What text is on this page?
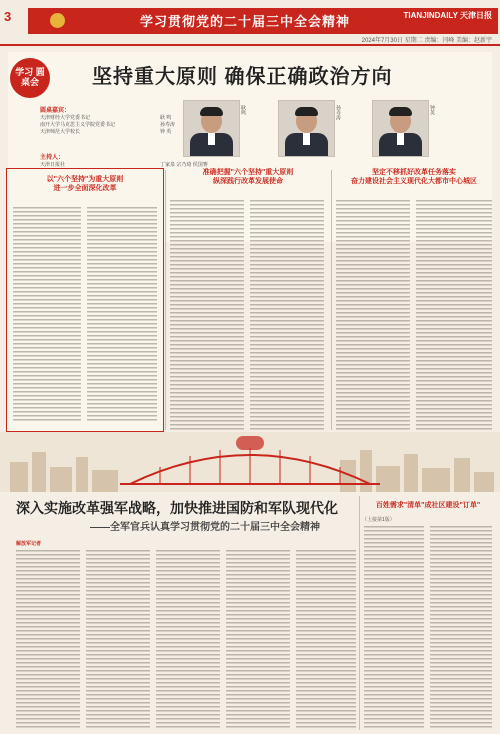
3	学习贯彻党的二十届三中全会精神	TIANJINDAILY 天津日报
2024年7月30日 星期二 责编：闫峰 美编：赵新宇
学习 圆桌会	坚持重大原则 确保正确政治方向
圆桌嘉宾：
天津财经大学党委书记	耿 鸣
南开大学马克思主义学院党委书记	孙寿涛
天津师范大学校长	钟 英
主持人：
天津日报社	丁家泉 宗乃琦 侯国赛
耿鸣	孙寿涛	钟英
以"六个坚持"为重大原则
进一步全面深化改革
准确把握"六个坚持"重大原则
纵深践行改革发展使命
坚定不移抓好改革任务落实
奋力建设社会主义现代化大都市中心城区
深入实施改革强军战略，加快推进国防和军队现代化
——全军官兵认真学习贯彻党的二十届三中全会精神
解放军记者
百姓需求"清单"成社区建设"订单"
（上接第1版）
